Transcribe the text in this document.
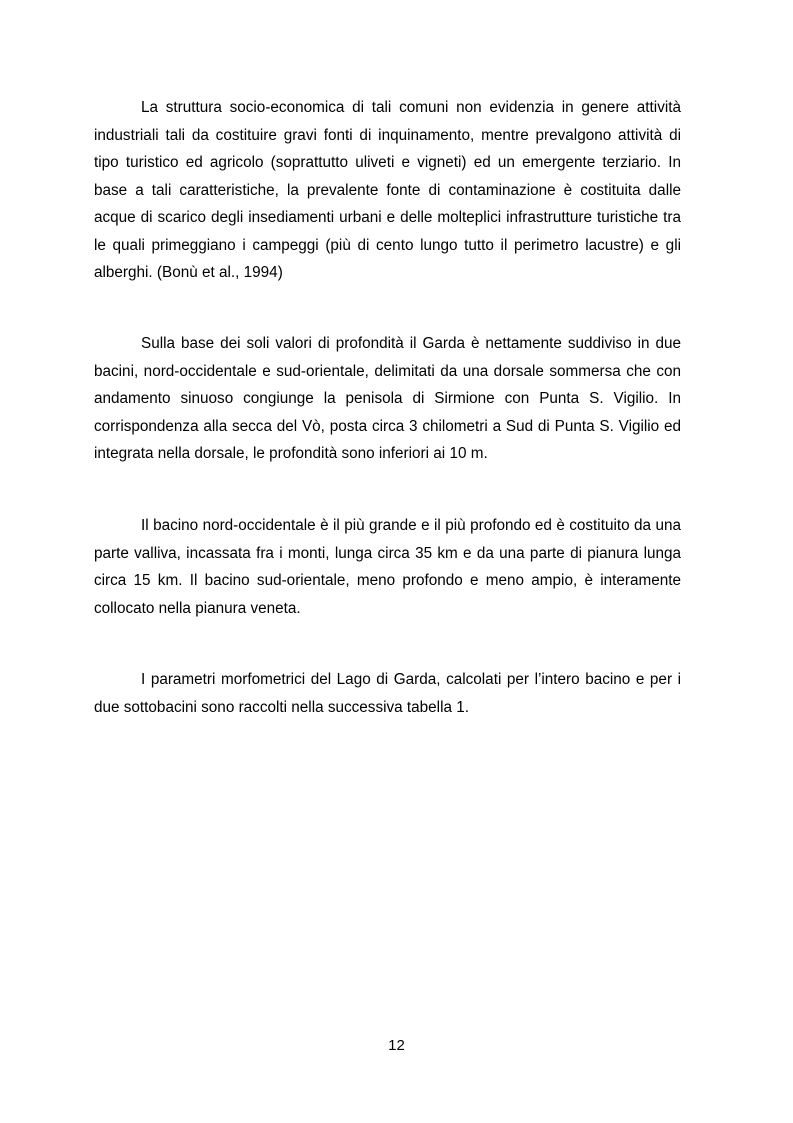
La struttura socio-economica di tali comuni non evidenzia in genere attività industriali tali da costituire gravi fonti di inquinamento, mentre prevalgono attività di tipo turistico ed agricolo (soprattutto uliveti e vigneti) ed un emergente terziario. In base a tali caratteristiche, la prevalente fonte di contaminazione è costituita dalle acque di scarico degli insediamenti urbani e delle molteplici infrastrutture turistiche tra le quali primeggiano i campeggi (più di cento lungo tutto il perimetro lacustre) e gli alberghi. (Bonù et al., 1994)

Sulla base dei soli valori di profondità il Garda è nettamente suddiviso in due bacini, nord-occidentale e sud-orientale, delimitati da una dorsale sommersa che con andamento sinuoso congiunge la penisola di Sirmione con Punta S. Vigilio. In corrispondenza alla secca del Vò, posta circa 3 chilometri a Sud di Punta S. Vigilio ed integrata nella dorsale, le profondità sono inferiori ai 10 m.

Il bacino nord-occidentale è il più grande e il più profondo ed è costituito da una parte valliva, incassata fra i monti, lunga circa 35 km e da una parte di pianura lunga circa 15 km. Il bacino sud-orientale, meno profondo e meno ampio, è interamente collocato nella pianura veneta.

I parametri morfometrici del Lago di Garda, calcolati per l’intero bacino e per i due sottobacini sono raccolti nella successiva tabella 1.

12
